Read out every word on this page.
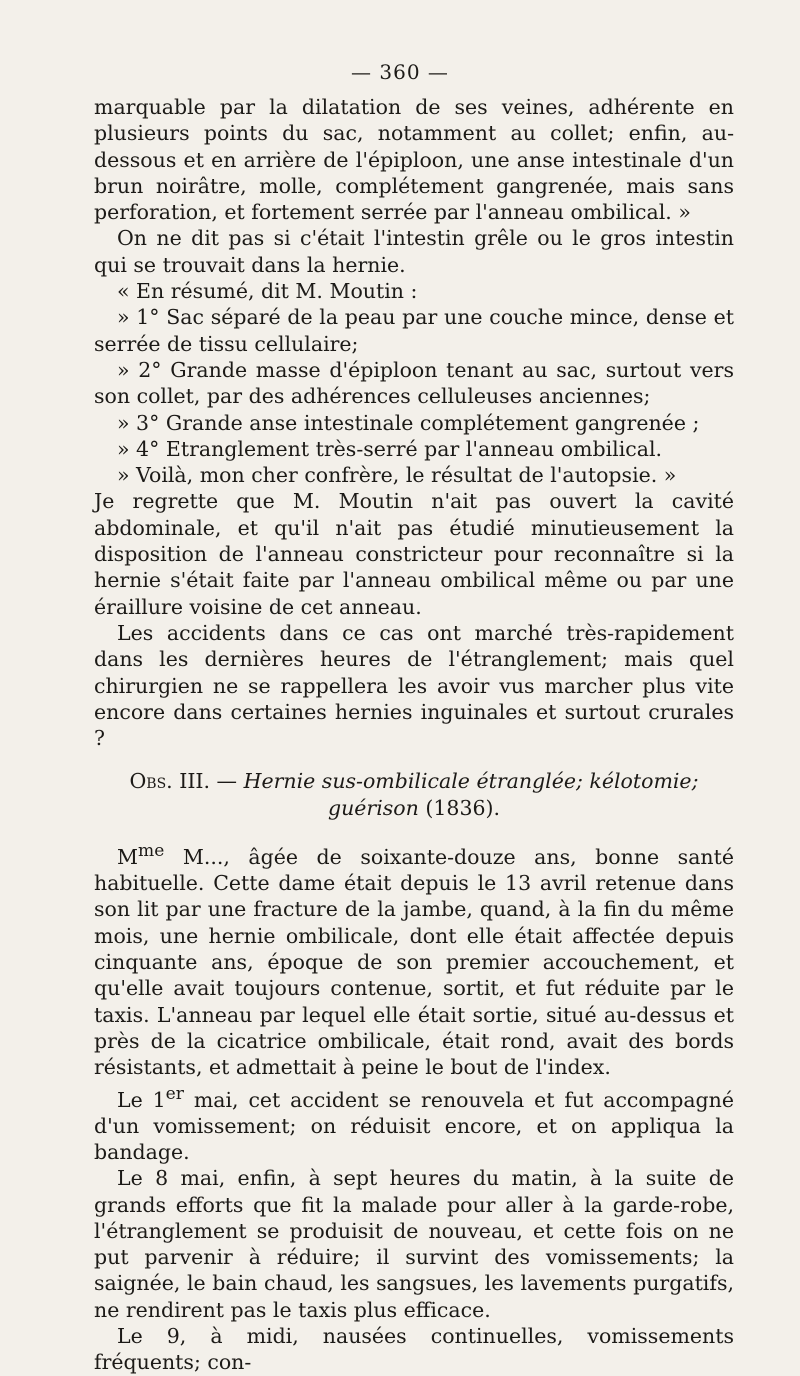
— 360 —

marquable par la dilatation de ses veines, adhérente en plusieurs points du sac, notamment au collet; enfin, au-dessous et en arrière de l'épiploon, une anse intestinale d'un brun noirâtre, molle, complétement gangrenée, mais sans perforation, et fortement serrée par l'anneau ombilical. »

On ne dit pas si c'était l'intestin grêle ou le gros intestin qui se trouvait dans la hernie.

« En résumé, dit M. Moutin :

» 1° Sac séparé de la peau par une couche mince, dense et serrée de tissu cellulaire;

» 2° Grande masse d'épiploon tenant au sac, surtout vers son collet, par des adhérences celluleuses anciennes;

» 3° Grande anse intestinale complétement gangrenée ;

» 4° Etranglement très-serré par l'anneau ombilical.

» Voilà, mon cher confrère, le résultat de l'autopsie. »

Je regrette que M. Moutin n'ait pas ouvert la cavité abdominale, et qu'il n'ait pas étudié minutieusement la disposition de l'anneau constricteur pour reconnaître si la hernie s'était faite par l'anneau ombilical même ou par une éraillure voisine de cet anneau.

Les accidents dans ce cas ont marché très-rapidement dans les dernières heures de l'étranglement; mais quel chirurgien ne se rappellera les avoir vus marcher plus vite encore dans certaines hernies inguinales et surtout crurales ?

Obs. III. — Hernie sus-ombilicale étranglée; kélotomie;
guérison (1836).

$M^{me}$ M..., âgée de soixante-douze ans, bonne santé habituelle. Cette dame était depuis le 13 avril retenue dans son lit par une fracture de la jambe, quand, à la fin du même mois, une hernie ombilicale, dont elle était affectée depuis cinquante ans, époque de son premier accouchement, et qu'elle avait toujours contenue, sortit, et fut réduite par le taxis. L'anneau par lequel elle était sortie, situé au-dessus et près de la cicatrice ombilicale, était rond, avait des bords résistants, et admettait à peine le bout de l'index.

Le 1er mai, cet accident se renouvela et fut accompagné d'un vomissement; on réduisit encore, et on appliqua la bandage.

Le 8 mai, enfin, à sept heures du matin, à la suite de grands efforts que fit la malade pour aller à la garde-robe, l'étranglement se produisit de nouveau, et cette fois on ne put parvenir à réduire; il survint des vomissements; la saignée, le bain chaud, les sangsues, les lavements purgatifs, ne rendirent pas le taxis plus efficace.

Le 9, à midi, nausées continuelles, vomissements fréquents; con-
